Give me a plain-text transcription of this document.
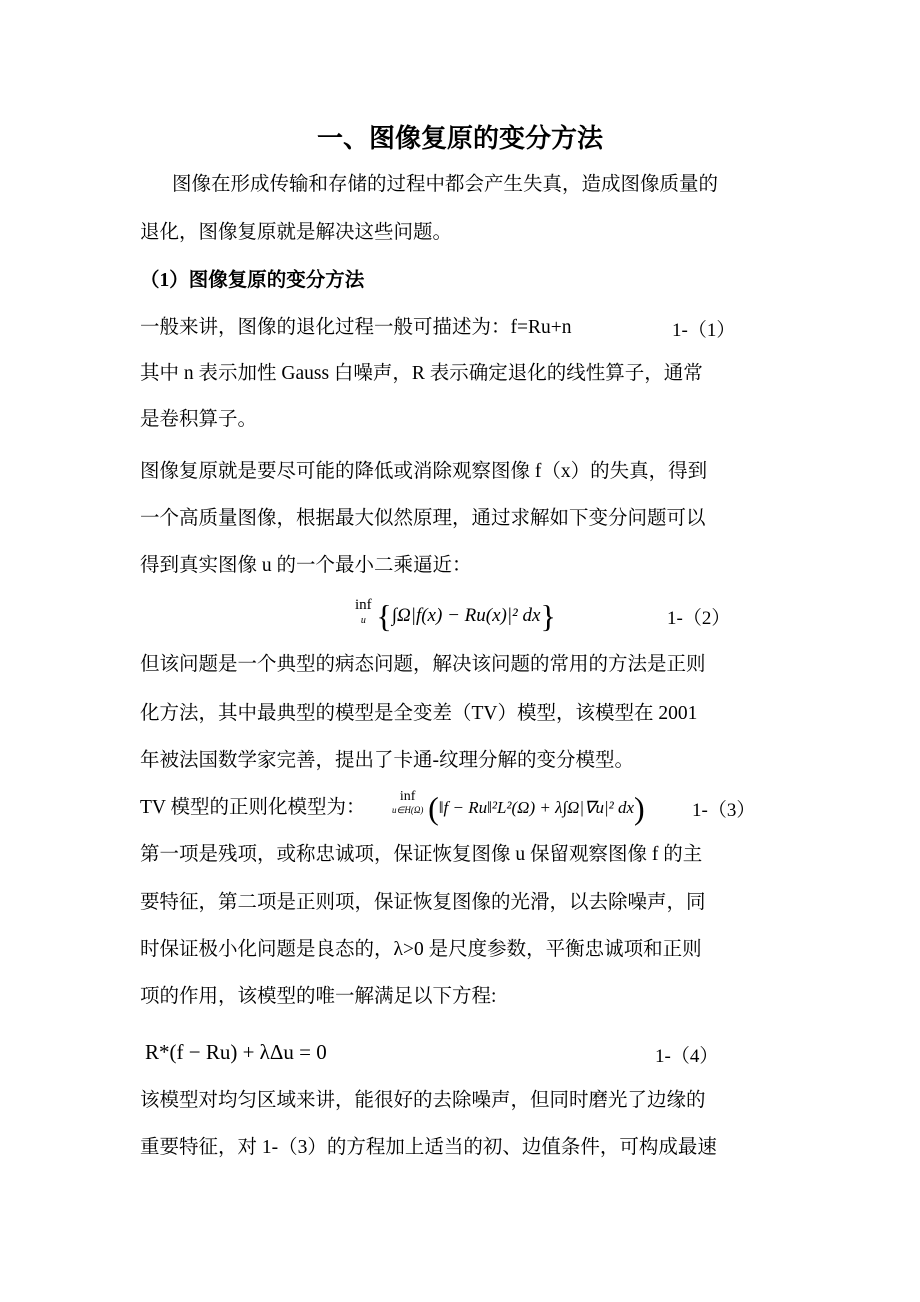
一、图像复原的变分方法
图像在形成传输和存储的过程中都会产生失真，造成图像质量的
退化，图像复原就是解决这些问题。
（1）图像复原的变分方法
一般来讲，图像的退化过程一般可描述为：f=Ru+n	1-（1）
其中 n 表示加性 Gauss 白噪声，R 表示确定退化的线性算子，通常
是卷积算子。
图像复原就是要尽可能的降低或消除观察图像 f（x）的失真，得到
一个高质量图像，根据最大似然原理，通过求解如下变分问题可以
得到真实图像 u 的一个最小二乘逼近：
inf
u {∫Ω|f(x) − Ru(x)|² dx}	1-（2）
但该问题是一个典型的病态问题，解决该问题的常用的方法是正则
化方法，其中最典型的模型是全变差（TV）模型，该模型在 2001
年被法国数学家完善，提出了卡通-纹理分解的变分模型。
TV 模型的正则化模型为：
inf
u∈H(Ω) (‖f − Ru‖²L²(Ω) + λ∫Ω|∇u|² dx) 1-（3）
第一项是残项，或称忠诚项，保证恢复图像 u 保留观察图像 f 的主
要特征，第二项是正则项，保证恢复图像的光滑，以去除噪声，同
时保证极小化问题是良态的，λ>0 是尺度参数，平衡忠诚项和正则
项的作用，该模型的唯一解满足以下方程:
R*(f − Ru) + λΔu = 0	1-（4）
该模型对均匀区域来讲，能很好的去除噪声，但同时磨光了边缘的
重要特征，对 1-（3）的方程加上适当的初、边值条件，可构成最速
